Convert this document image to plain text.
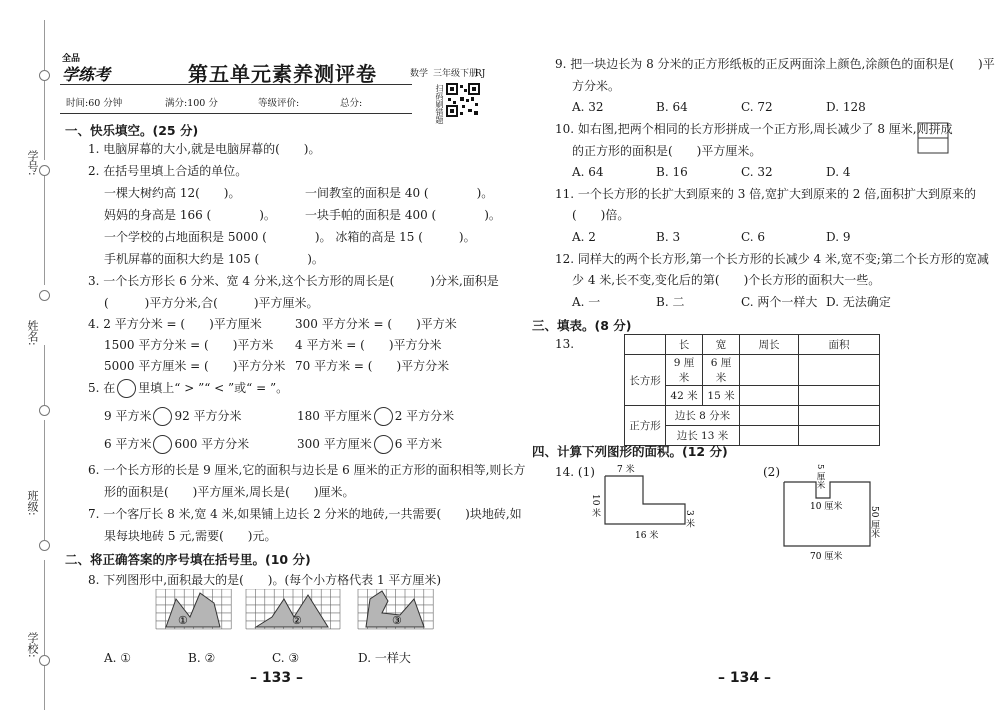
学号:
姓名:
班级:
学校:
全品
学练考	第五单元素养测评卷	数学 三年级下册
RJ
时间:60 分钟	满分:100 分	等级评价:	总分:	扫码刷错题
一、快乐填空。(25 分)
1. 电脑屏幕的大小,就是电脑屏幕的(　　)。
2. 在括号里填上合适的单位。
一棵大树约高 12(　　)。	一间教室的面积是 40 (　　　　)。
妈妈的身高是 166 (　　　　)。 一块手帕的面积是 400 (　　　　)。
一个学校的占地面积是 5000 (　　　　)。 冰箱的高是 15 (　　　)。
手机屏幕的面积大约是 105 (　　　　)。
3. 一个长方形长 6 分米、宽 4 分米,这个长方形的周长是(　　　)分米,面积是
(　　　)平方分米,合(　　　)平方厘米。
4. 2 平方分米 = (　　)平方厘米	300 平方分米 = (　　)平方米
1500 平方分米 = (　　)平方米 4 平方米 = (　　)平方分米
5000 平方厘米 = (　　)平方分米 70 平方米 = (　　)平方分米
5. 在 里填上“ > ”“ < ”或“ = ”。
9 平方米 92 平方分米	180 平方厘米 2 平方分米
6 平方米 600 平方分米	300 平方厘米 6 平方米
6. 一个长方形的长是 9 厘米,它的面积与边长是 6 厘米的正方形的面积相等,则长方
形的面积是(　　)平方厘米,周长是(　　)厘米。
7. 一个客厅长 8 米,宽 4 米,如果铺上边长 2 分米的地砖,一共需要(　　)块地砖,如
果每块地砖 5 元,需要(　　)元。
二、将正确答案的序号填在括号里。(10 分)
8. 下列图形中,面积最大的是(　　)。(每个小方格代表 1 平方厘米)
①	②	③
A. ①	B. ②	C. ③	D. 一样大
– 133 –
9. 把一块边长为 8 分米的正方形纸板的正反两面涂上颜色,涂颜色的面积是(　　)平
方分米。
A. 32	B. 64	C. 72	D. 128
10. 如右图,把两个相同的长方形拼成一个正方形,周长减少了 8 厘米,则拼成
的正方形的面积是(　　)平方厘米。
A. 64	B. 16	C. 32	D. 4
11. 一个长方形的长扩大到原来的 3 倍,宽扩大到原来的 2 倍,面积扩大到原来的
(　　)倍。
A. 2	B. 3	C. 6	D. 9
12. 同样大的两个长方形,第一个长方形的长减少 4 米,宽不变;第二个长方形的宽减
少 4 米,长不变,变化后的第(　　)个长方形的面积大一些。
A. 一	B. 二	C. 两个一样大 D. 无法确定
三、填表。(8 分)
13.
		长	宽	周长	面积
长方形	9 厘米	6 厘米		
	42 米	15 米		
正方形	边长 8 分米			
	边长 13 米			
四、计算下列图形的面积。(12 分)
14. (1)	(2)
7 米
10 米
3 米
16 米
5 厘米
10 厘米	50 厘米
70 厘米
– 134 –
